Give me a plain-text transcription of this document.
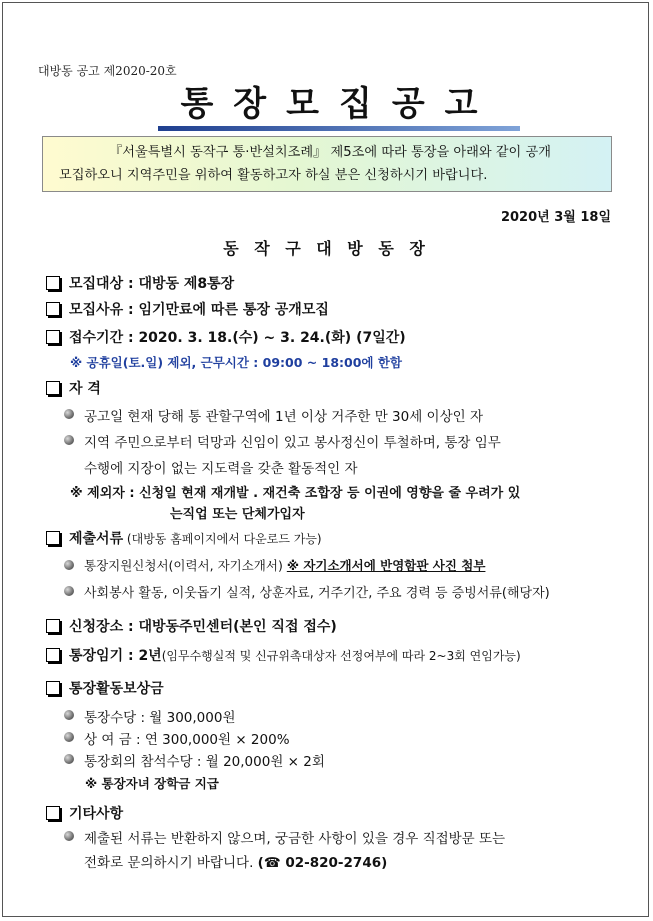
대방동 공고 제2020-20호
통장모집공고
『서울특별시 동작구 통·반설치조례』 제5조에 따라 통장을 아래와 같이 공개
모집하오니 지역주민을 위하여 활동하고자 하실 분은 신청하시기 바랍니다.
2020년 3월 18일
동 작 구 대 방 동 장
모집대상 : 대방동 제8통장
모집사유 : 임기만료에 따른 통장 공개모집
접수기간 : 2020. 3. 18.(수) ~ 3. 24.(화) (7일간)
※ 공휴일(토.일) 제외, 근무시간 : 09:00 ~ 18:00에 한함
자 격
공고일 현재 당해 통 관할구역에 1년 이상 거주한 만 30세 이상인 자
지역 주민으로부터 덕망과 신임이 있고 봉사정신이 투철하며, 통장 임무
수행에 지장이 없는 지도력을 갖춘 활동적인 자
※ 제외자 : 신청일 현재 재개발 . 재건축 조합장 등 이권에 영향을 줄 우려가 있
는직업 또는 단체가입자
제출서류 (대방동 홈페이지에서 다운로드 가능)
통장지원신청서(이력서, 자기소개서) ※ 자기소개서에 반영함판 사진 첨부
사회봉사 활동, 이웃돕기 실적, 상훈자료, 거주기간, 주요 경력 등 증빙서류(해당자)
신청장소 : 대방동주민센터(본인 직접 접수)
통장임기 : 2년(임무수행실적 및 신규위촉대상자 선정여부에 따라 2~3회 연임가능)
통장활동보상금
통장수당 : 월 300,000원
상 여 금 : 연 300,000원 × 200%
통장회의 참석수당 : 월 20,000원 × 2회
※ 통장자녀 장학금 지급
기타사항
제출된 서류는 반환하지 않으며, 궁금한 사항이 있을 경우 직접방문 또는
전화로 문의하시기 바랍니다. (☎ 02-820-2746)
